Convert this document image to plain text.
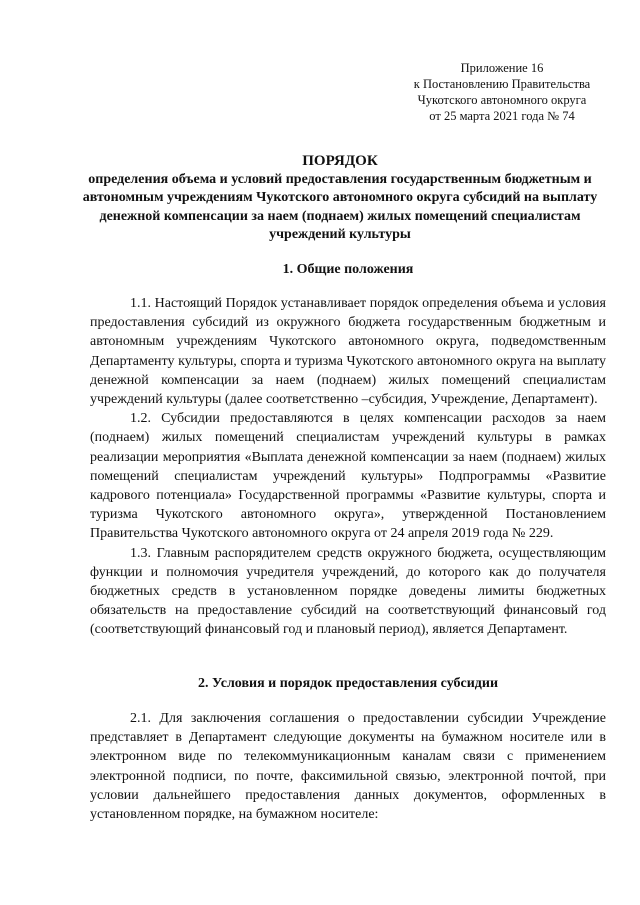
Приложение 16
к Постановлению Правительства
Чукотского автономного округа
от 25 марта 2021 года № 74
ПОРЯДОК
определения объема и условий предоставления государственным бюджетным и автономным учреждениям Чукотского автономного округа субсидий на выплату денежной компенсации за наем (поднаем) жилых помещений специалистам учреждений культуры
1. Общие положения

1.1. Настоящий Порядок устанавливает порядок определения объема и условия предоставления субсидий из окружного бюджета государственным бюджетным и автономным учреждениям Чукотского автономного округа, подведомственным Департаменту культуры, спорта и туризма Чукотского автономного округа на выплату денежной компенсации за наем (поднаем) жилых помещений специалистам учреждений культуры (далее соответственно –субсидия, Учреждение, Департамент).

1.2. Субсидии предоставляются в целях компенсации расходов за наем (поднаем) жилых помещений специалистам учреждений культуры в рамках реализации мероприятия «Выплата денежной компенсации за наем (поднаем) жилых помещений специалистам учреждений культуры» Подпрограммы «Развитие кадрового потенциала» Государственной программы «Развитие культуры, спорта и туризма Чукотского автономного округа», утвержденной Постановлением Правительства Чукотского автономного округа от 24 апреля 2019 года № 229.

1.3. Главным распорядителем средств окружного бюджета, осуществляющим функции и полномочия учредителя учреждений, до которого как до получателя бюджетных средств в установленном порядке доведены лимиты бюджетных обязательств на предоставление субсидий на соответствующий финансовый год (соответствующий финансовый год и плановый период), является Департамент.

2. Условия и порядок предоставления субсидии

2.1. Для заключения соглашения о предоставлении субсидии Учреждение представляет в Департамент следующие документы на бумажном носителе или в электронном виде по телекоммуникационным каналам связи с применением электронной подписи, по почте, факсимильной связью, электронной почтой, при условии дальнейшего предоставления данных документов, оформленных в установленном порядке, на бумажном носителе:
